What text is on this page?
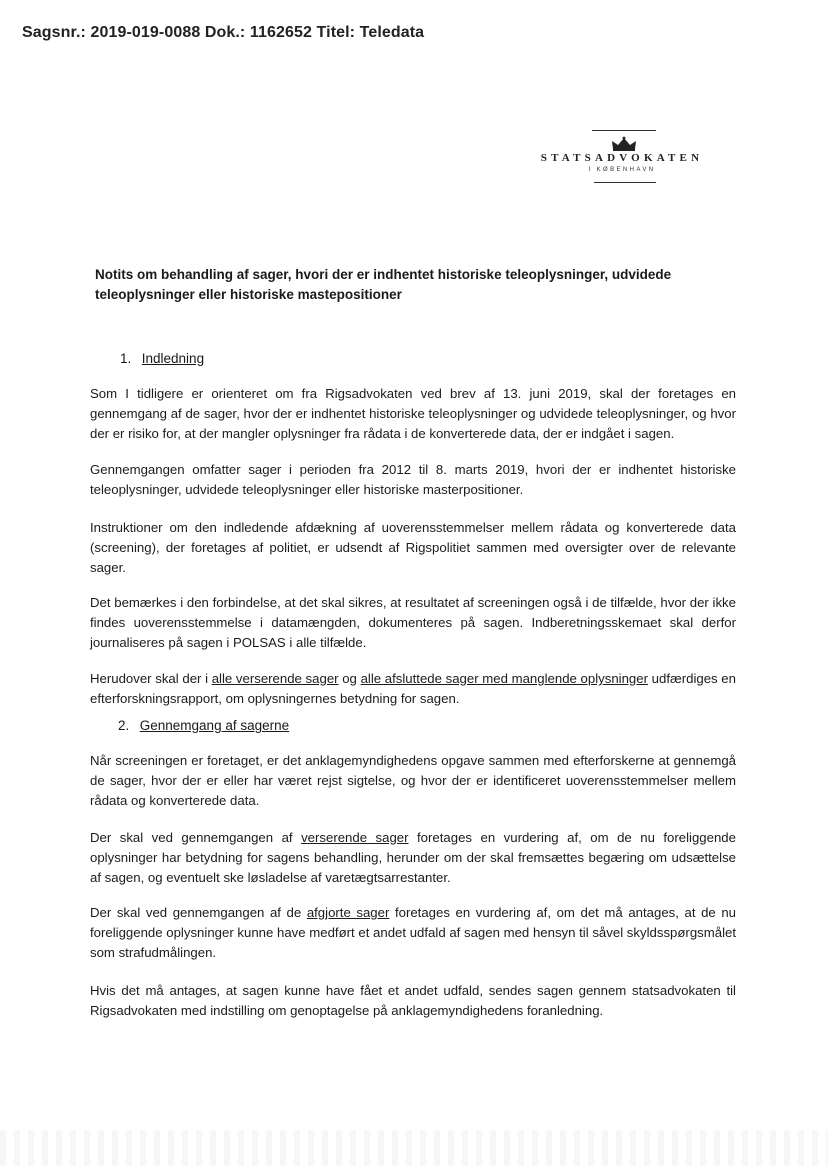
Sagsnr.: 2019-019-0088 Dok.: 1162652 Titel: Teledata
STATSADVOKATEN
I KØBENHAVN
Notits om behandling af sager, hvori der er indhentet historiske teleoplysninger, udvidede teleoplysninger eller historiske mastepositioner
1. Indledning

Som I tidligere er orienteret om fra Rigsadvokaten ved brev af 13. juni 2019, skal der foretages en gennemgang af de sager, hvor der er indhentet historiske teleoplysninger og udvidede teleoplysninger, og hvor der er risiko for, at der mangler oplysninger fra rådata i de konverterede data, der er indgået i sagen.

Gennemgangen omfatter sager i perioden fra 2012 til 8. marts 2019, hvori der er indhentet historiske teleoplysninger, udvidede teleoplysninger eller historiske masterpositioner.

Instruktioner om den indledende afdækning af uoverensstemmelser mellem rådata og konverterede data (screening), der foretages af politiet, er udsendt af Rigspolitiet sammen med oversigter over de relevante sager.

Det bemærkes i den forbindelse, at det skal sikres, at resultatet af screeningen også i de tilfælde, hvor der ikke findes uoverensstemmelse i datamængden, dokumenteres på sagen. Indberetningsskemaet skal derfor journaliseres på sagen i POLSAS i alle tilfælde.

Herudover skal der i alle verserende sager og alle afsluttede sager med manglende oplysninger udfærdiges en efterforskningsrapport, om oplysningernes betydning for sagen.

2. Gennemgang af sagerne

Når screeningen er foretaget, er det anklagemyndighedens opgave sammen med efterforskerne at gennemgå de sager, hvor der er eller har været rejst sigtelse, og hvor der er identificeret uoverensstemmelser mellem rådata og konverterede data.

Der skal ved gennemgangen af verserende sager foretages en vurdering af, om de nu foreliggende oplysninger har betydning for sagens behandling, herunder om der skal fremsættes begæring om udsættelse af sagen, og eventuelt ske løsladelse af varetægtsarrestanter.

Der skal ved gennemgangen af de afgjorte sager foretages en vurdering af, om det må antages, at de nu foreliggende oplysninger kunne have medført et andet udfald af sagen med hensyn til såvel skyldsspørgsmålet som strafudmålingen.

Hvis det må antages, at sagen kunne have fået et andet udfald, sendes sagen gennem statsadvokaten til Rigsadvokaten med indstilling om genoptagelse på anklagemyndighedens foranledning.
